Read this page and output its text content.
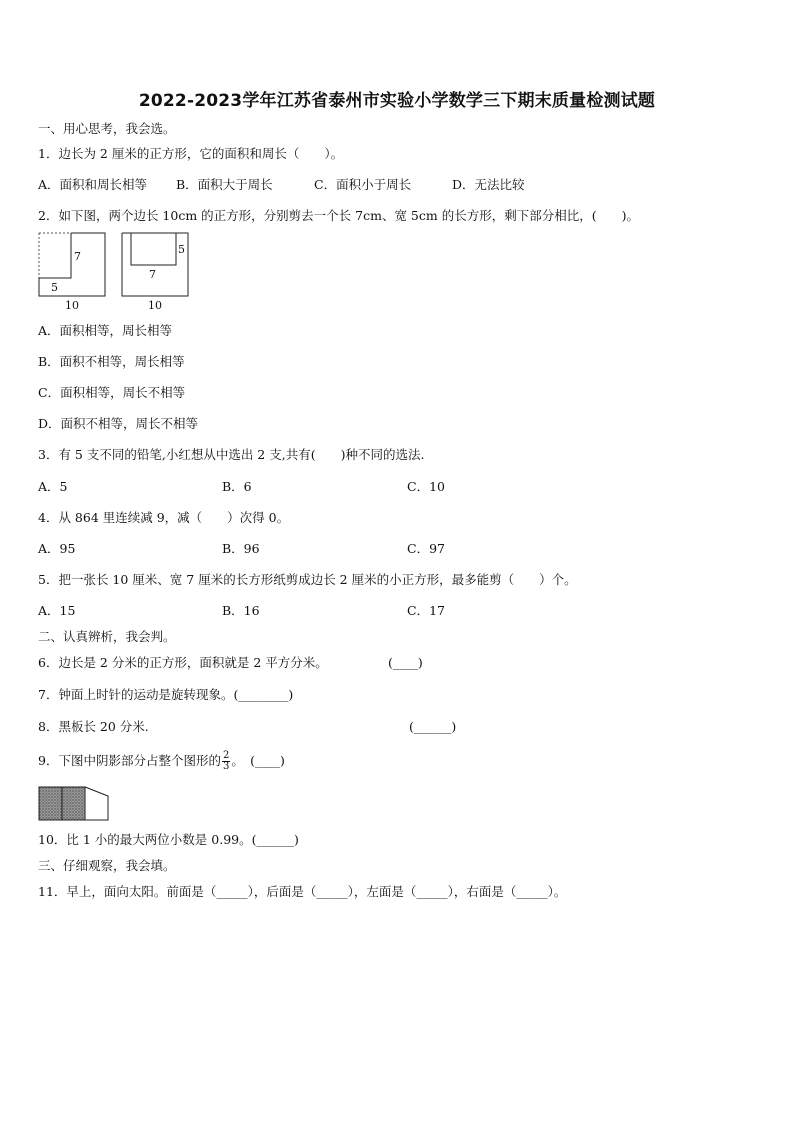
2022-2023学年江苏省泰州市实验小学数学三下期末质量检测试题
一、用心思考，我会选。
1．边长为 2 厘米的正方形，它的面积和周长（　　）。
A．面积和周长相等 B．面积大于周长	C．面积小于周长	D．无法比较
2．如下图，两个边长 10cm 的正方形，分别剪去一个长 7cm、宽 5cm 的长方形，剩下部分相比，(　　)。
7
5
10
5
7
10
A．面积相等，周长相等
B．面积不相等，周长相等
C．面积相等，周长不相等
D．面积不相等，周长不相等
3．有 5 支不同的铅笔,小红想从中选出 2 支,共有(　　)种不同的选法.
A．5	B．6	C．10
4．从 864 里连续减 9，减（　　）次得 0。
A．95	B．96	C．97
5．把一张长 10 厘米、宽 7 厘米的长方形纸剪成边长 2 厘米的小正方形，最多能剪（　　）个。
A．15	B．16	C．17
二、认真辨析，我会判。
6．边长是 2 分米的正方形，面积就是 2 平方分米。	(____)
7．钟面上时针的运动是旋转现象。(________)
8．黑板长 20 分米.	(______)
9．下图中阴影部分占整个图形的 $\frac{2}{3}$ 。　(____)
10．比 1 小的最大两位小数是 0.99。(______)
三、仔细观察，我会填。
11．早上，面向太阳。前面是（_____），后面是（_____），左面是（_____），右面是（_____）。
